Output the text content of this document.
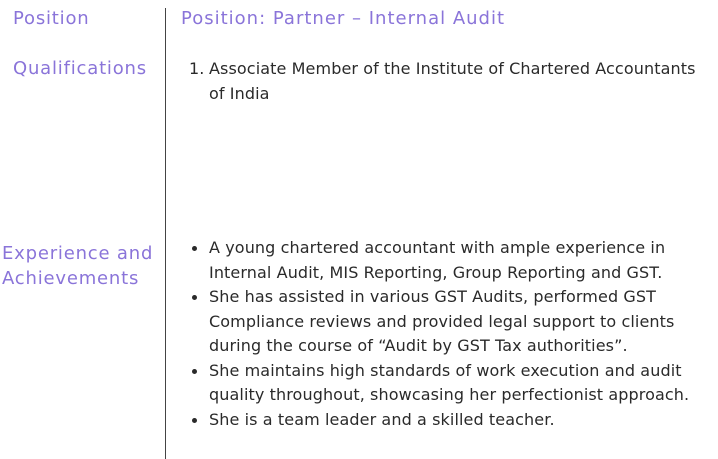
Position
Qualifications
Experience and Achievements
Position: Partner – Internal Audit
1. Associate Member of the Institute of Chartered Accountants of India
A young chartered accountant with ample experience in Internal Audit, MIS Reporting, Group Reporting and GST.
She has assisted in various GST Audits, performed GST Compliance reviews and provided legal support to clients during the course of “Audit by GST Tax authorities”.
She maintains high standards of work execution and audit quality throughout, showcasing her perfectionist approach.
She is a team leader and a skilled teacher.
